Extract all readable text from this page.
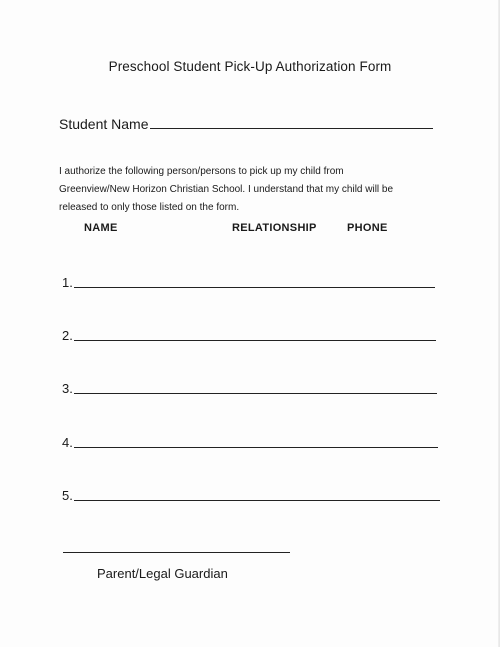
Preschool Student Pick-Up Authorization Form
Student Name
I authorize the following person/persons to pick up my child from
Greenview/New Horizon Christian School. I understand that my child will be
released to only those listed on the form.
NAME	RELATIONSHIP	PHONE
1.
2.
3.
4.
5.
Parent/Legal Guardian
